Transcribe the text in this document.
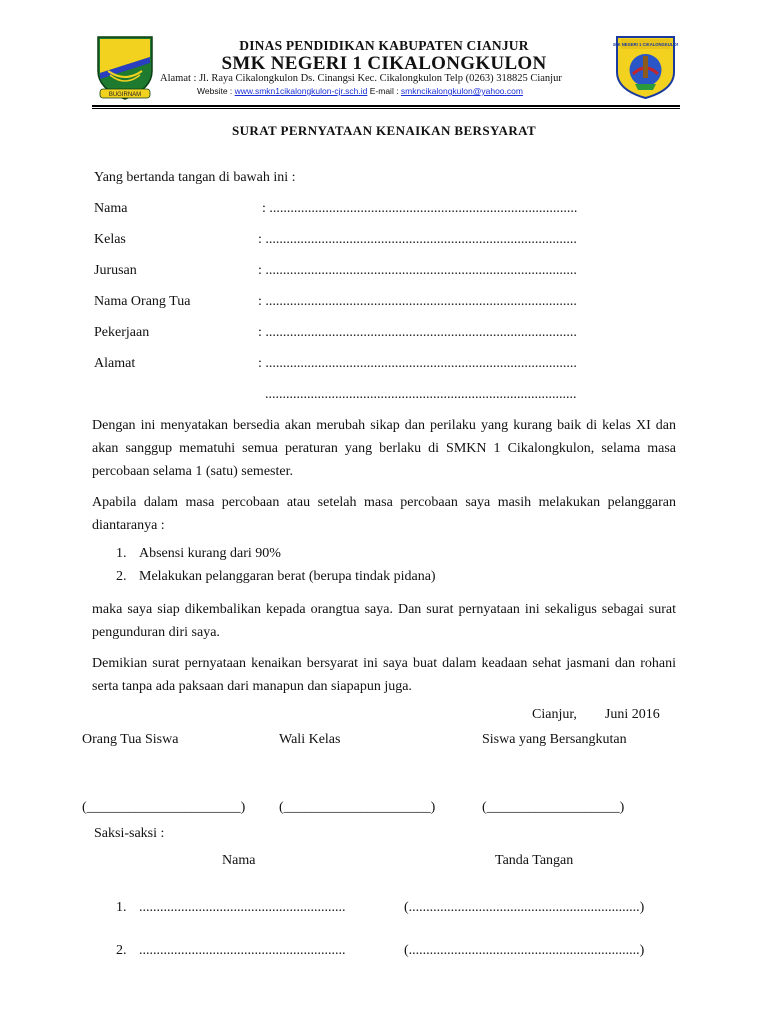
BUGIRNAM
DINAS PENDIDIKAN KABUPATEN CIANJUR
SMK NEGERI 1 CIKALONGKULON
Alamat : Jl. Raya Cikalongkulon Ds. Cinangsi Kec. Cikalongkulon Telp (0263) 318825 Cianjur
Website : www.smkn1cikalongkulon-cjr.sch.id E-mail : smkncikalongkulon@yahoo.com
SMK NEGERI 1 CIKALONGKULON
SURAT PERNYATAAN KENAIKAN BERSYARAT
Yang bertanda tangan di bawah ini :
Nama	: ........................................................................................
Kelas	: .........................................................................................
Jurusan	: .........................................................................................
Nama Orang Tua	: .........................................................................................
Pekerjaan	: .........................................................................................
Alamat	: .........................................................................................
.........................................................................................
Dengan ini menyatakan bersedia akan merubah sikap dan perilaku yang kurang baik di kelas XI dan akan sanggup mematuhi semua peraturan yang berlaku di SMKN 1 Cikalongkulon, selama masa percobaan selama 1 (satu) semester.
Apabila dalam masa percobaan atau setelah masa percobaan saya masih melakukan pelanggaran diantaranya :
1. Absensi kurang dari 90%
2. Melakukan pelanggaran berat (berupa tindak pidana)
maka saya siap dikembalikan kepada orangtua saya. Dan surat pernyataan ini sekaligus sebagai surat pengunduran diri saya.
Demikian surat pernyataan kenaikan bersyarat ini saya buat dalam keadaan sehat jasmani dan rohani serta tanpa ada paksaan dari manapun dan siapapun juga.
Cianjur,        Juni 2016
Orang Tua Siswa	Wali Kelas	Siswa yang Bersangkutan
(______________________) (_____________________)	(___________________)
Saksi-saksi :
Nama	Tanda Tangan
1. ...........................................................	(..................................................................)
2. ...........................................................	(..................................................................)
